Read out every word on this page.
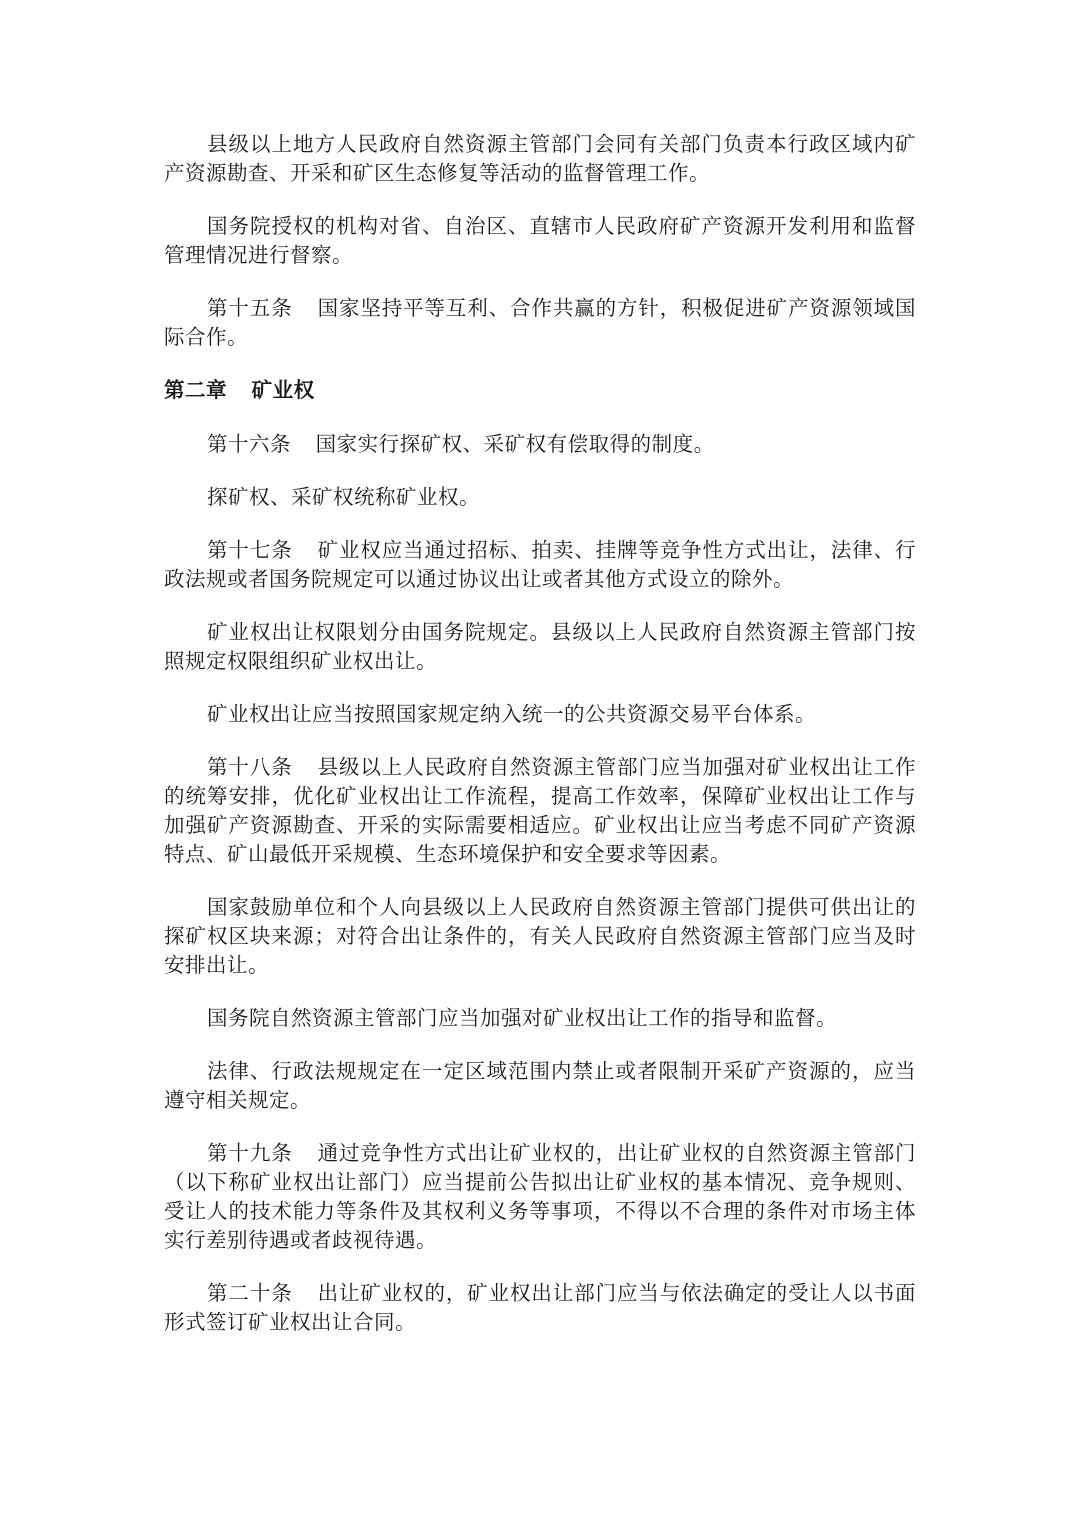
县级以上地方人民政府自然资源主管部门会同有关部门负责本行政区域内矿产资源勘查、开采和矿区生态修复等活动的监督管理工作。

国务院授权的机构对省、自治区、直辖市人民政府矿产资源开发利用和监督管理情况进行督察。

第十五条 国家坚持平等互利、合作共赢的方针，积极促进矿产资源领域国际合作。

第二章 矿业权

第十六条 国家实行探矿权、采矿权有偿取得的制度。

探矿权、采矿权统称矿业权。

第十七条 矿业权应当通过招标、拍卖、挂牌等竞争性方式出让，法律、行政法规或者国务院规定可以通过协议出让或者其他方式设立的除外。

矿业权出让权限划分由国务院规定。县级以上人民政府自然资源主管部门按照规定权限组织矿业权出让。

矿业权出让应当按照国家规定纳入统一的公共资源交易平台体系。

第十八条 县级以上人民政府自然资源主管部门应当加强对矿业权出让工作的统筹安排，优化矿业权出让工作流程，提高工作效率，保障矿业权出让工作与加强矿产资源勘查、开采的实际需要相适应。矿业权出让应当考虑不同矿产资源特点、矿山最低开采规模、生态环境保护和安全要求等因素。

国家鼓励单位和个人向县级以上人民政府自然资源主管部门提供可供出让的探矿权区块来源；对符合出让条件的，有关人民政府自然资源主管部门应当及时安排出让。

国务院自然资源主管部门应当加强对矿业权出让工作的指导和监督。

法律、行政法规规定在一定区域范围内禁止或者限制开采矿产资源的，应当遵守相关规定。

第十九条 通过竞争性方式出让矿业权的，出让矿业权的自然资源主管部门（以下称矿业权出让部门）应当提前公告拟出让矿业权的基本情况、竞争规则、受让人的技术能力等条件及其权利义务等事项，不得以不合理的条件对市场主体实行差别待遇或者歧视待遇。

第二十条 出让矿业权的，矿业权出让部门应当与依法确定的受让人以书面形式签订矿业权出让合同。
